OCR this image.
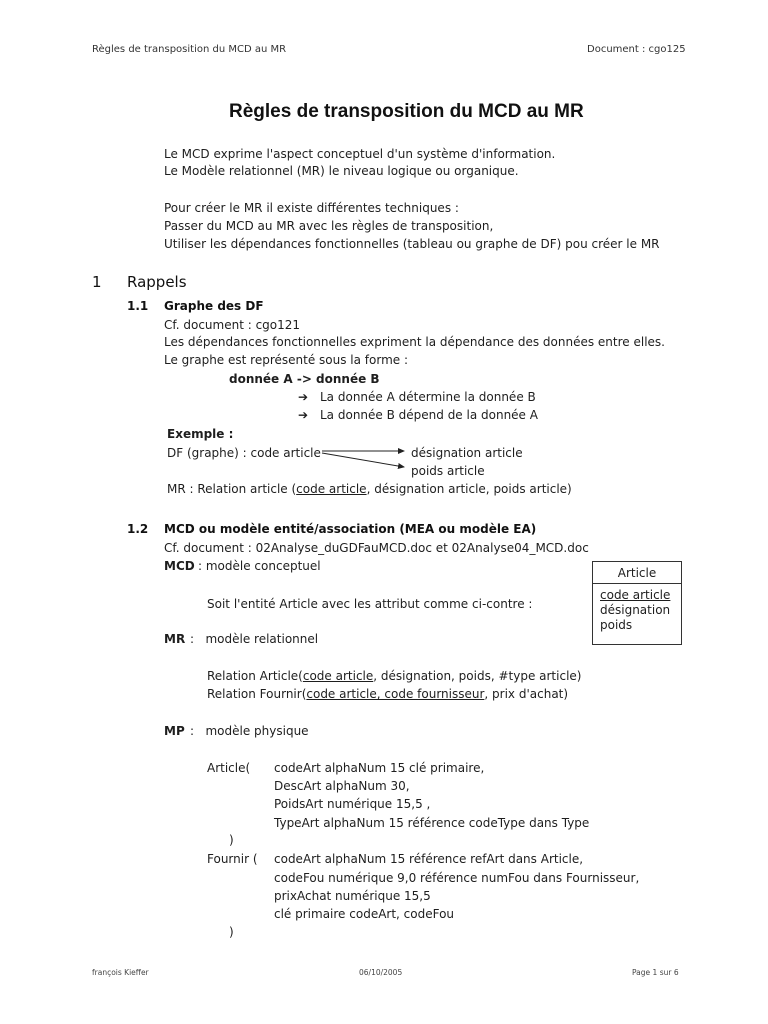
Règles de transposition du MCD au MR	Document : cgo125
Règles de transposition du MCD au MR
Le MCD exprime l'aspect conceptuel d'un système d'information.
Le Modèle relationnel (MR) le niveau logique ou organique.
Pour créer le MR il existe différentes techniques :
Passer du MCD au MR avec les règles de transposition,
Utiliser les dépendances fonctionnelles (tableau ou graphe de DF) pou créer le MR
1 Rappels
1.1 Graphe des DF
Cf. document : cgo121
Les dépendances fonctionnelles expriment la dépendance des données entre elles.
Le graphe est représenté sous la forme :
donnée A -> donnée B
➔ La donnée A détermine la donnée B
➔ La donnée B dépend de la donnée A
Exemple :
DF (graphe) : code article	désignation article
poids article
MR : Relation article (code article, désignation article, poids article)
1.2 MCD ou modèle entité/association (MEA ou modèle EA)
Cf. document : 02Analyse_duGDFauMCD.doc et 02Analyse04_MCD.doc
MCD : modèle conceptuel
Soit l'entité Article avec les attribut comme ci-contre :
MR :   modèle relationnel
Relation Article(code article, désignation, poids, #type article)
Relation Fournir(code article, code fournisseur, prix d'achat)
MP :   modèle physique
Article( codeArt alphaNum 15 clé primaire,
DescArt alphaNum 30,
PoidsArt numérique 15,5 ,
TypeArt alphaNum 15 référence codeType dans Type
)
Fournir ( codeArt alphaNum 15 référence refArt dans Article,
codeFou numérique 9,0 référence numFou dans Fournisseur,
prixAchat numérique 15,5
clé primaire codeArt, codeFou
)
Article
code article
désignation
poids
françois Kieffer	06/10/2005	Page 1 sur 6
